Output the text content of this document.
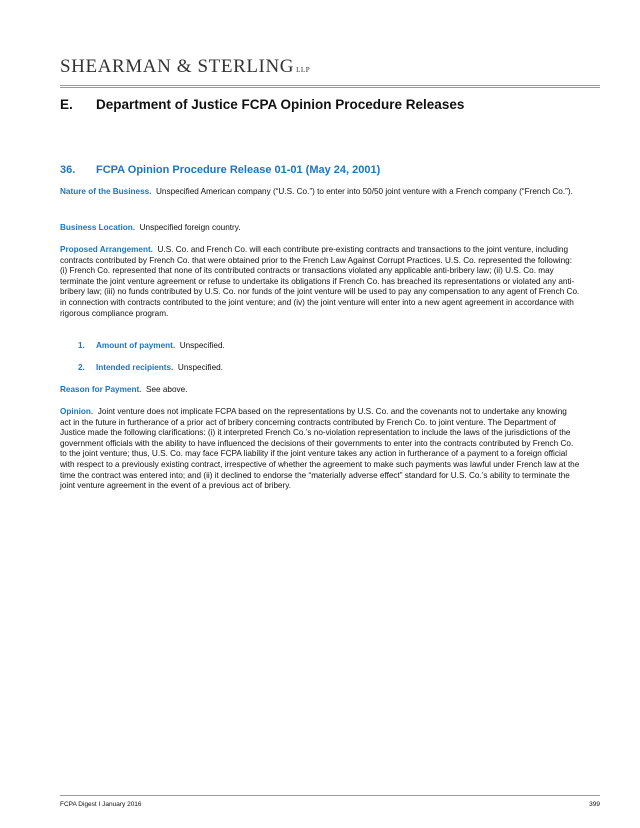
SHEARMAN & STERLING LLP
E. Department of Justice FCPA Opinion Procedure Releases
36. FCPA Opinion Procedure Release 01-01 (May 24, 2001)
Nature of the Business. Unspecified American company (“U.S. Co.”) to enter into 50/50 joint venture with a French company (“French Co.”).
Business Location. Unspecified foreign country.
Proposed Arrangement. U.S. Co. and French Co. will each contribute pre-existing contracts and transactions to the joint venture, including contracts contributed by French Co. that were obtained prior to the French Law Against Corrupt Practices. U.S. Co. represented the following: (i) French Co. represented that none of its contributed contracts or transactions violated any applicable anti-bribery law; (ii) U.S. Co. may terminate the joint venture agreement or refuse to undertake its obligations if French Co. has breached its representations or violated any anti-bribery law; (iii) no funds contributed by U.S. Co. nor funds of the joint venture will be used to pay any compensation to any agent of French Co. in connection with contracts contributed to the joint venture; and (iv) the joint venture will enter into a new agent agreement in accordance with rigorous compliance program.
1. Amount of payment. Unspecified.
2. Intended recipients. Unspecified.
Reason for Payment. See above.
Opinion. Joint venture does not implicate FCPA based on the representations by U.S. Co. and the covenants not to undertake any knowing act in the future in furtherance of a prior act of bribery concerning contracts contributed by French Co. to joint venture. The Department of Justice made the following clarifications: (i) it interpreted French Co.’s no-violation representation to include the laws of the jurisdictions of the government officials with the ability to have influenced the decisions of their governments to enter into the contracts contributed by French Co. to the joint venture; thus, U.S. Co. may face FCPA liability if the joint venture takes any action in furtherance of a payment to a foreign official with respect to a previously existing contract, irrespective of whether the agreement to make such payments was lawful under French law at the time the contract was entered into; and (ii) it declined to endorse the “materially adverse effect” standard for U.S. Co.’s ability to terminate the joint venture agreement in the event of a previous act of bribery.
FCPA Digest I January 2016	399
